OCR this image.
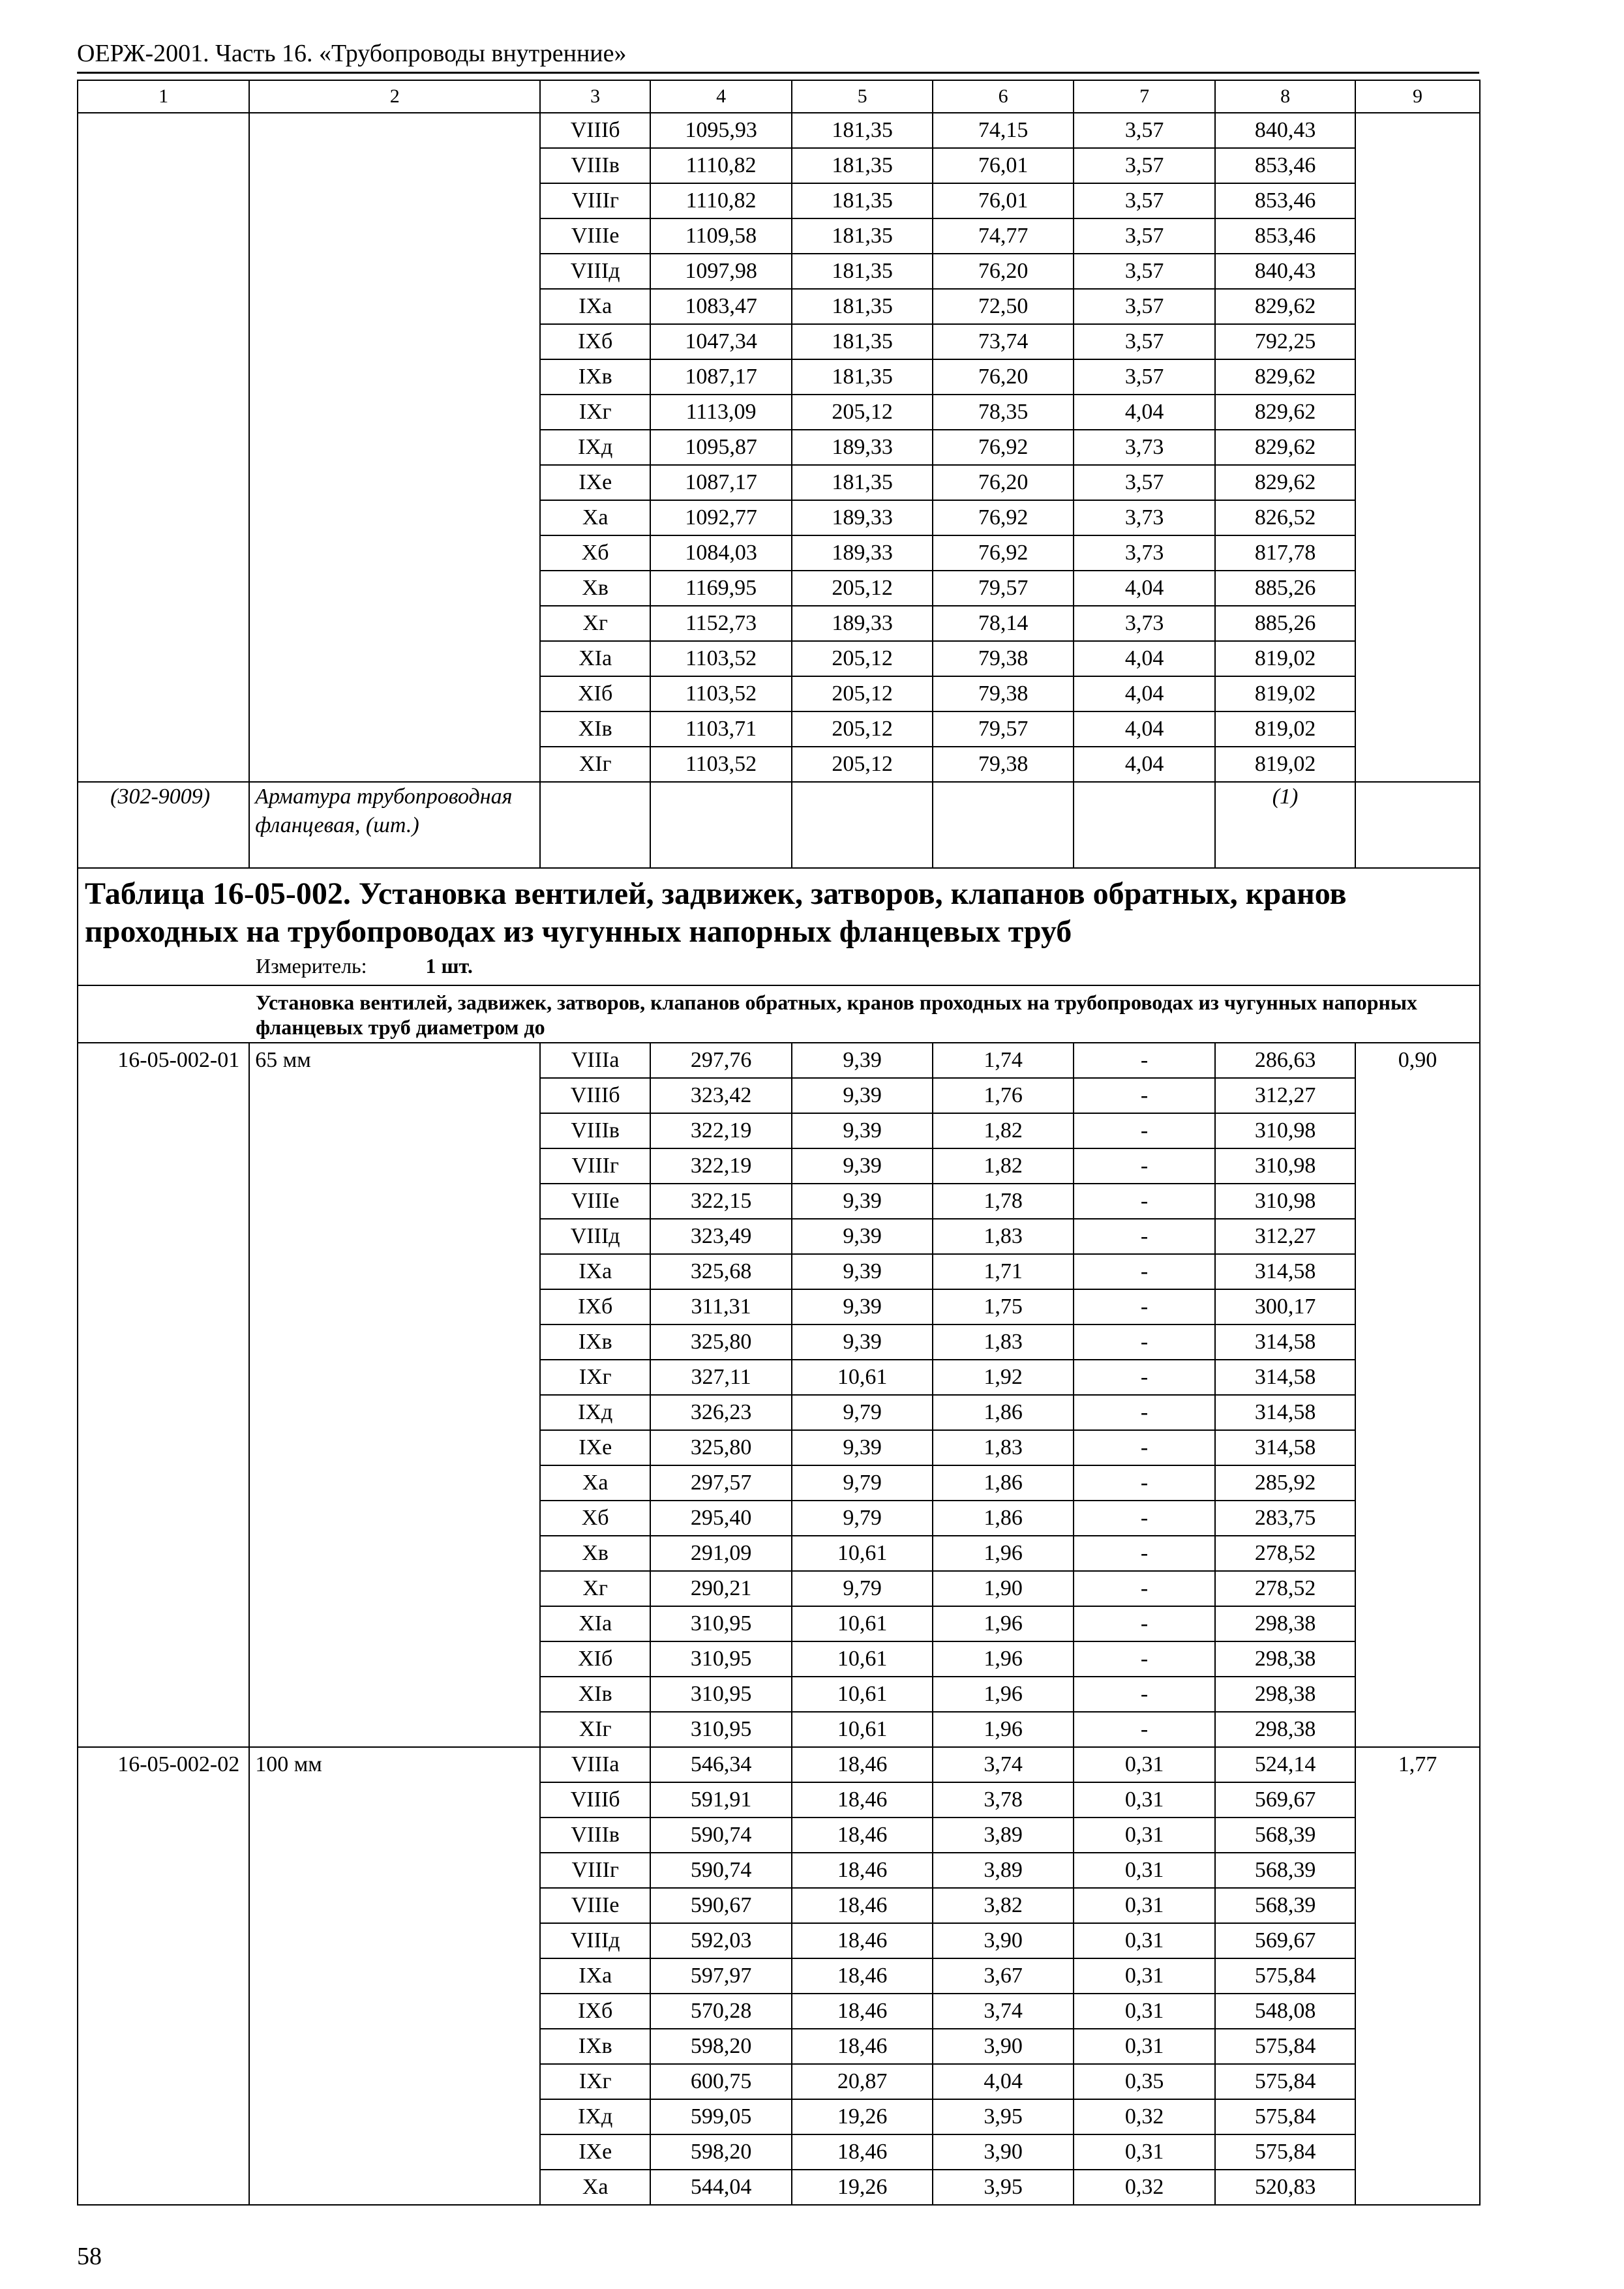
ОЕРЖ-2001. Часть 16. «Трубопроводы внутренние»
1	2	3	4	5	6	7	8	9
		VIIIб	1095,93	181,35	74,15	3,57	840,43	
		VIIIв	1110,82	181,35	76,01	3,57	853,46	
		VIIIг	1110,82	181,35	76,01	3,57	853,46	
		VIIIе	1109,58	181,35	74,77	3,57	853,46	
		VIIIд	1097,98	181,35	76,20	3,57	840,43	
		IXа	1083,47	181,35	72,50	3,57	829,62	
		IXб	1047,34	181,35	73,74	3,57	792,25	
		IXв	1087,17	181,35	76,20	3,57	829,62	
		IXг	1113,09	205,12	78,35	4,04	829,62	
		IXд	1095,87	189,33	76,92	3,73	829,62	
		IXе	1087,17	181,35	76,20	3,57	829,62	
		Xа	1092,77	189,33	76,92	3,73	826,52	
		Xб	1084,03	189,33	76,92	3,73	817,78	
		Xв	1169,95	205,12	79,57	4,04	885,26	
		Xг	1152,73	189,33	78,14	3,73	885,26	
		XIа	1103,52	205,12	79,38	4,04	819,02	
		XIб	1103,52	205,12	79,38	4,04	819,02	
		XIв	1103,71	205,12	79,57	4,04	819,02	
		XIг	1103,52	205,12	79,38	4,04	819,02	
(302-9009)	Арматура трубопроводная фланцевая, (шт.)						(1)	
Таблица 16-05-002. Установка вентилей, задвижек, затворов, клапанов обратных, кранов проходных на трубопроводах из чугунных напорных фланцевых труб
Измеритель: 1 шт.								

Установка вентилей, задвижек, затворов, клапанов обратных, кранов проходных на трубопроводах из чугунных напорных фланцевых труб диаметром до								
16-05-002-01	65 мм	VIIIа	297,76	9,39	1,74	-	286,63	0,90
		VIIIб	323,42	9,39	1,76	-	312,27	
		VIIIв	322,19	9,39	1,82	-	310,98	
		VIIIг	322,19	9,39	1,82	-	310,98	
		VIIIе	322,15	9,39	1,78	-	310,98	
		VIIIд	323,49	9,39	1,83	-	312,27	
		IXа	325,68	9,39	1,71	-	314,58	
		IXб	311,31	9,39	1,75	-	300,17	
		IXв	325,80	9,39	1,83	-	314,58	
		IXг	327,11	10,61	1,92	-	314,58	
		IXд	326,23	9,79	1,86	-	314,58	
		IXе	325,80	9,39	1,83	-	314,58	
		Xа	297,57	9,79	1,86	-	285,92	
		Xб	295,40	9,79	1,86	-	283,75	
		Xв	291,09	10,61	1,96	-	278,52	
		Xг	290,21	9,79	1,90	-	278,52	
		XIа	310,95	10,61	1,96	-	298,38	
		XIб	310,95	10,61	1,96	-	298,38	
		XIв	310,95	10,61	1,96	-	298,38	
		XIг	310,95	10,61	1,96	-	298,38	
16-05-002-02	100 мм	VIIIа	546,34	18,46	3,74	0,31	524,14	1,77
		VIIIб	591,91	18,46	3,78	0,31	569,67	
		VIIIв	590,74	18,46	3,89	0,31	568,39	
		VIIIг	590,74	18,46	3,89	0,31	568,39	
		VIIIе	590,67	18,46	3,82	0,31	568,39	
		VIIIд	592,03	18,46	3,90	0,31	569,67	
		IXа	597,97	18,46	3,67	0,31	575,84	
		IXб	570,28	18,46	3,74	0,31	548,08	
		IXв	598,20	18,46	3,90	0,31	575,84	
		IXг	600,75	20,87	4,04	0,35	575,84	
		IXд	599,05	19,26	3,95	0,32	575,84	
		IXе	598,20	18,46	3,90	0,31	575,84	
		Xа	544,04	19,26	3,95	0,32	520,83	
58
